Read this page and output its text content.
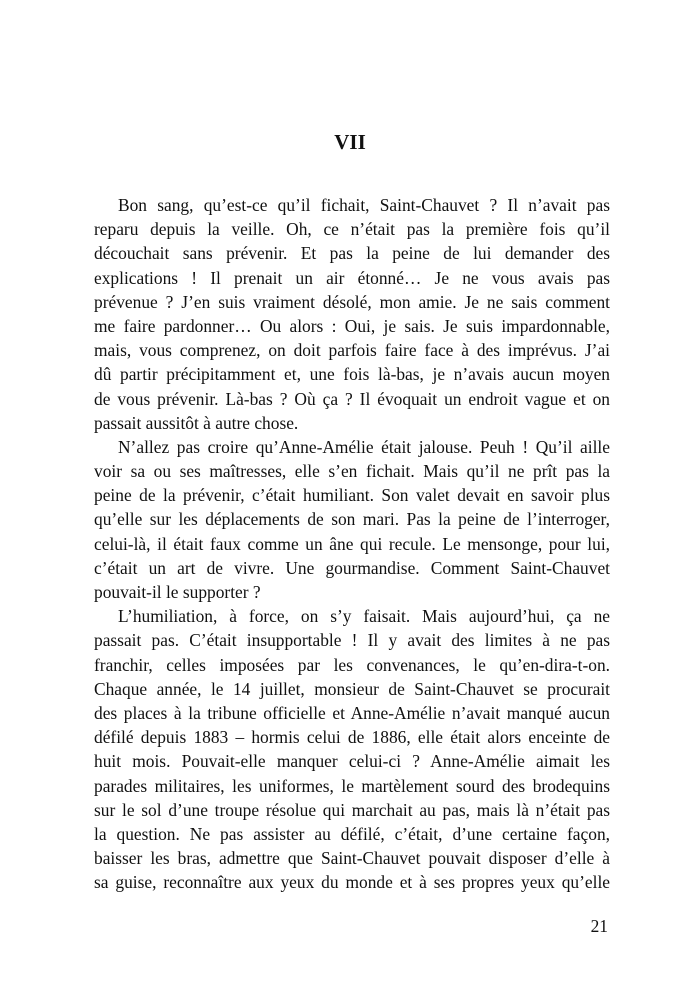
VII
Bon sang, qu’est-ce qu’il fichait, Saint-Chauvet ? Il n’avait pas
reparu depuis la veille. Oh, ce n’était pas la première fois qu’il
découchait sans prévenir. Et pas la peine de lui demander des
explications ! Il prenait un air étonné… Je ne vous avais pas
prévenue ? J’en suis vraiment désolé, mon amie. Je ne sais comment
me faire pardonner… Ou alors : Oui, je sais. Je suis impardonnable,
mais, vous comprenez, on doit parfois faire face à des imprévus. J’ai
dû partir précipitamment et, une fois là-bas, je n’avais aucun moyen
de vous prévenir. Là-bas ? Où ça ? Il évoquait un endroit vague et on
passait aussitôt à autre chose.
N’allez pas croire qu’Anne-Amélie était jalouse. Peuh ! Qu’il aille
voir sa ou ses maîtresses, elle s’en fichait. Mais qu’il ne prît pas la
peine de la prévenir, c’était humiliant. Son valet devait en savoir plus
qu’elle sur les déplacements de son mari. Pas la peine de l’interroger,
celui-là, il était faux comme un âne qui recule. Le mensonge, pour lui,
c’était un art de vivre. Une gourmandise. Comment Saint-Chauvet
pouvait-il le supporter ?
L’humiliation, à force, on s’y faisait. Mais aujourd’hui, ça ne
passait pas. C’était insupportable ! Il y avait des limites à ne pas
franchir, celles imposées par les convenances, le qu’en-dira-t-on.
Chaque année, le 14 juillet, monsieur de Saint-Chauvet se procurait
des places à la tribune officielle et Anne-Amélie n’avait manqué aucun
défilé depuis 1883 – hormis celui de 1886, elle était alors enceinte de
huit mois. Pouvait-elle manquer celui-ci ? Anne-Amélie aimait les
parades militaires, les uniformes, le martèlement sourd des brodequins
sur le sol d’une troupe résolue qui marchait au pas, mais là n’était pas
la question. Ne pas assister au défilé, c’était, d’une certaine façon,
baisser les bras, admettre que Saint-Chauvet pouvait disposer d’elle à
sa guise, reconnaître aux yeux du monde et à ses propres yeux qu’elle
21
